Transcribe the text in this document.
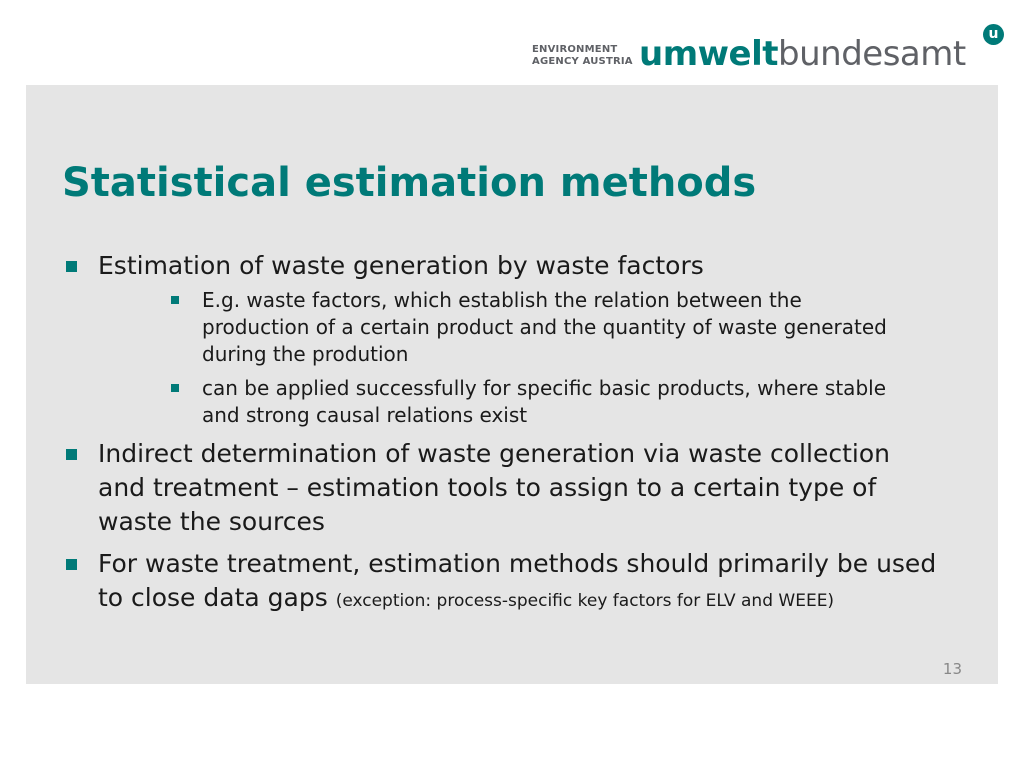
ENVIRONMENT
AGENCY AUSTRIA umweltbundesamt	u
Statistical estimation methods
Estimation of waste generation by waste factors
E.g. waste factors, which establish the relation between the production of a certain product and the quantity of waste generated during the prodution
can be applied successfully for specific basic products, where stable and strong causal relations exist
Indirect determination of waste generation via waste collection and treatment – estimation tools to assign to a certain type of waste the sources
For waste treatment, estimation methods should primarily be used to close data gaps (exception: process-specific key factors for ELV and WEEE)
13
